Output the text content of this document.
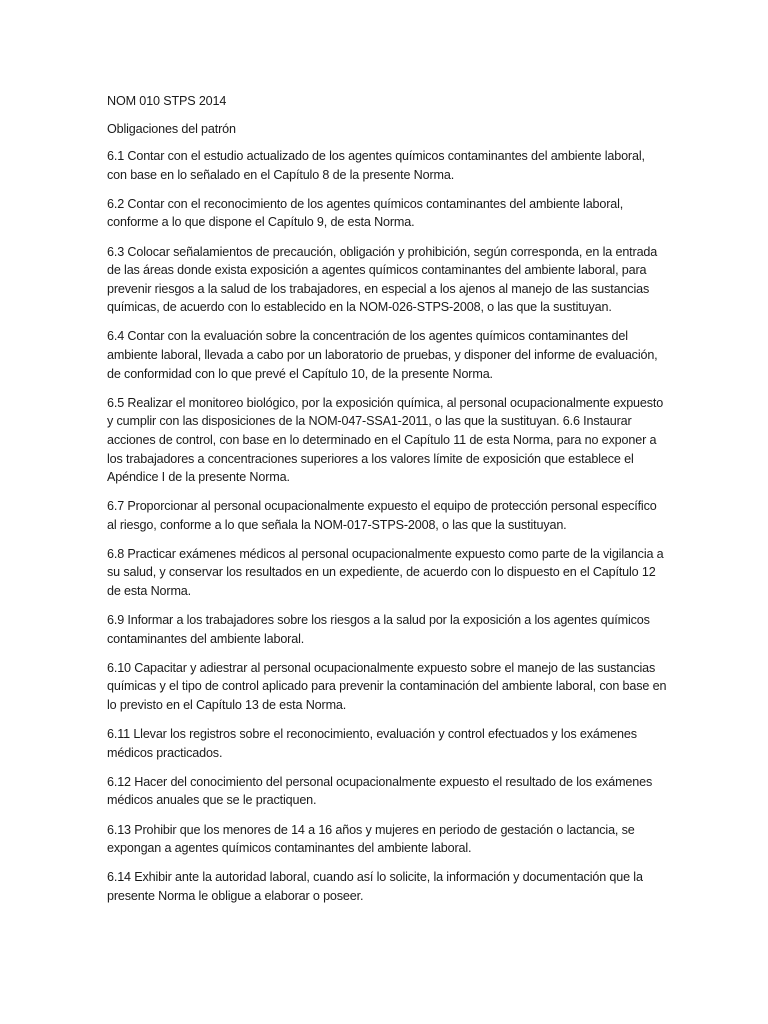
NOM 010 STPS 2014
Obligaciones del patrón
6.1 Contar con el estudio actualizado de los agentes químicos contaminantes del ambiente laboral, con base en lo señalado en el Capítulo 8 de la presente Norma.
6.2 Contar con el reconocimiento de los agentes químicos contaminantes del ambiente laboral, conforme a lo que dispone el Capítulo 9, de esta Norma.
6.3 Colocar señalamientos de precaución, obligación y prohibición, según corresponda, en la entrada de las áreas donde exista exposición a agentes químicos contaminantes del ambiente laboral, para prevenir riesgos a la salud de los trabajadores, en especial a los ajenos al manejo de las sustancias químicas, de acuerdo con lo establecido en la NOM-026-STPS-2008, o las que la sustituyan.
6.4 Contar con la evaluación sobre la concentración de los agentes químicos contaminantes del ambiente laboral, llevada a cabo por un laboratorio de pruebas, y disponer del informe de evaluación, de conformidad con lo que prevé el Capítulo 10, de la presente Norma.
6.5 Realizar el monitoreo biológico, por la exposición química, al personal ocupacionalmente expuesto y cumplir con las disposiciones de la NOM-047-SSA1-2011, o las que la sustituyan. 6.6 Instaurar acciones de control, con base en lo determinado en el Capítulo 11 de esta Norma, para no exponer a los trabajadores a concentraciones superiores a los valores límite de exposición que establece el Apéndice I de la presente Norma.
6.7 Proporcionar al personal ocupacionalmente expuesto el equipo de protección personal específico al riesgo, conforme a lo que señala la NOM-017-STPS-2008, o las que la sustituyan.
6.8 Practicar exámenes médicos al personal ocupacionalmente expuesto como parte de la vigilancia a su salud, y conservar los resultados en un expediente, de acuerdo con lo dispuesto en el Capítulo 12 de esta Norma.
6.9 Informar a los trabajadores sobre los riesgos a la salud por la exposición a los agentes químicos contaminantes del ambiente laboral.
6.10 Capacitar y adiestrar al personal ocupacionalmente expuesto sobre el manejo de las sustancias químicas y el tipo de control aplicado para prevenir la contaminación del ambiente laboral, con base en lo previsto en el Capítulo 13 de esta Norma.
6.11 Llevar los registros sobre el reconocimiento, evaluación y control efectuados y los exámenes médicos practicados.
6.12 Hacer del conocimiento del personal ocupacionalmente expuesto el resultado de los exámenes médicos anuales que se le practiquen.
6.13 Prohibir que los menores de 14 a 16 años y mujeres en periodo de gestación o lactancia, se expongan a agentes químicos contaminantes del ambiente laboral.
6.14 Exhibir ante la autoridad laboral, cuando así lo solicite, la información y documentación que la presente Norma le obligue a elaborar o poseer.
